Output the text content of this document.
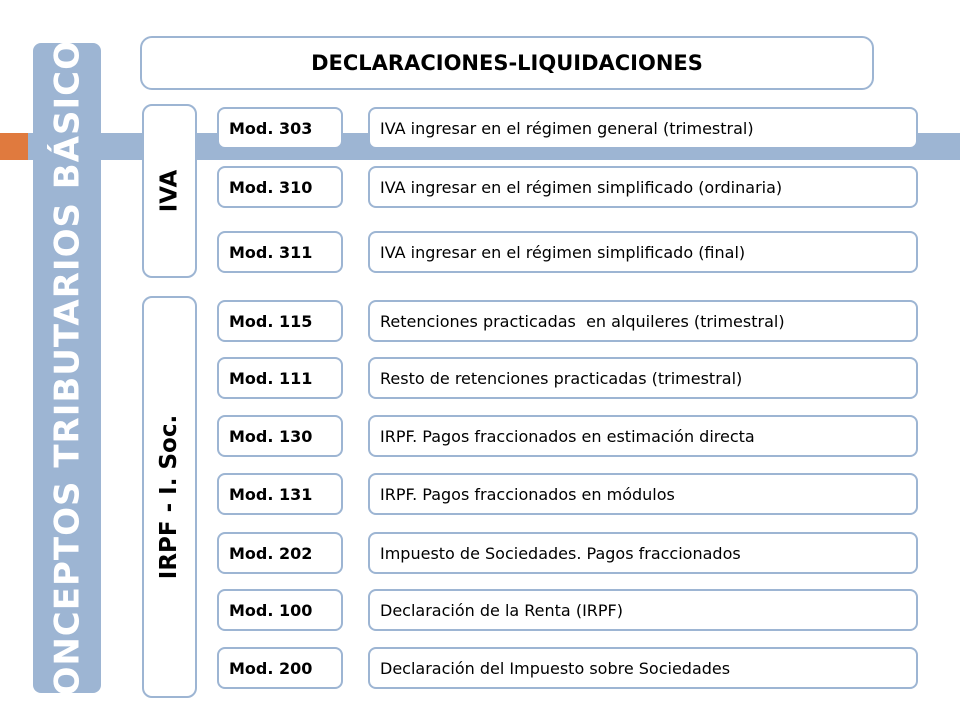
CONCEPTOS TRIBUTARIOS BÁSICOS	DECLARACIONES-LIQUIDACIONES
IVA
IRPF - I. Soc.
Mod. 303	IVA ingresar en el régimen general (trimestral)
Mod. 310	IVA ingresar en el régimen simplificado (ordinaria)
Mod. 311	IVA ingresar en el régimen simplificado (final)
Mod. 115	Retenciones practicadas  en alquileres (trimestral)
Mod. 111	Resto de retenciones practicadas (trimestral)
Mod. 130	IRPF. Pagos fraccionados en estimación directa
Mod. 131	IRPF. Pagos fraccionados en módulos
Mod. 202	Impuesto de Sociedades. Pagos fraccionados
Mod. 100	Declaración de la Renta (IRPF)
Mod. 200	Declaración del Impuesto sobre Sociedades
